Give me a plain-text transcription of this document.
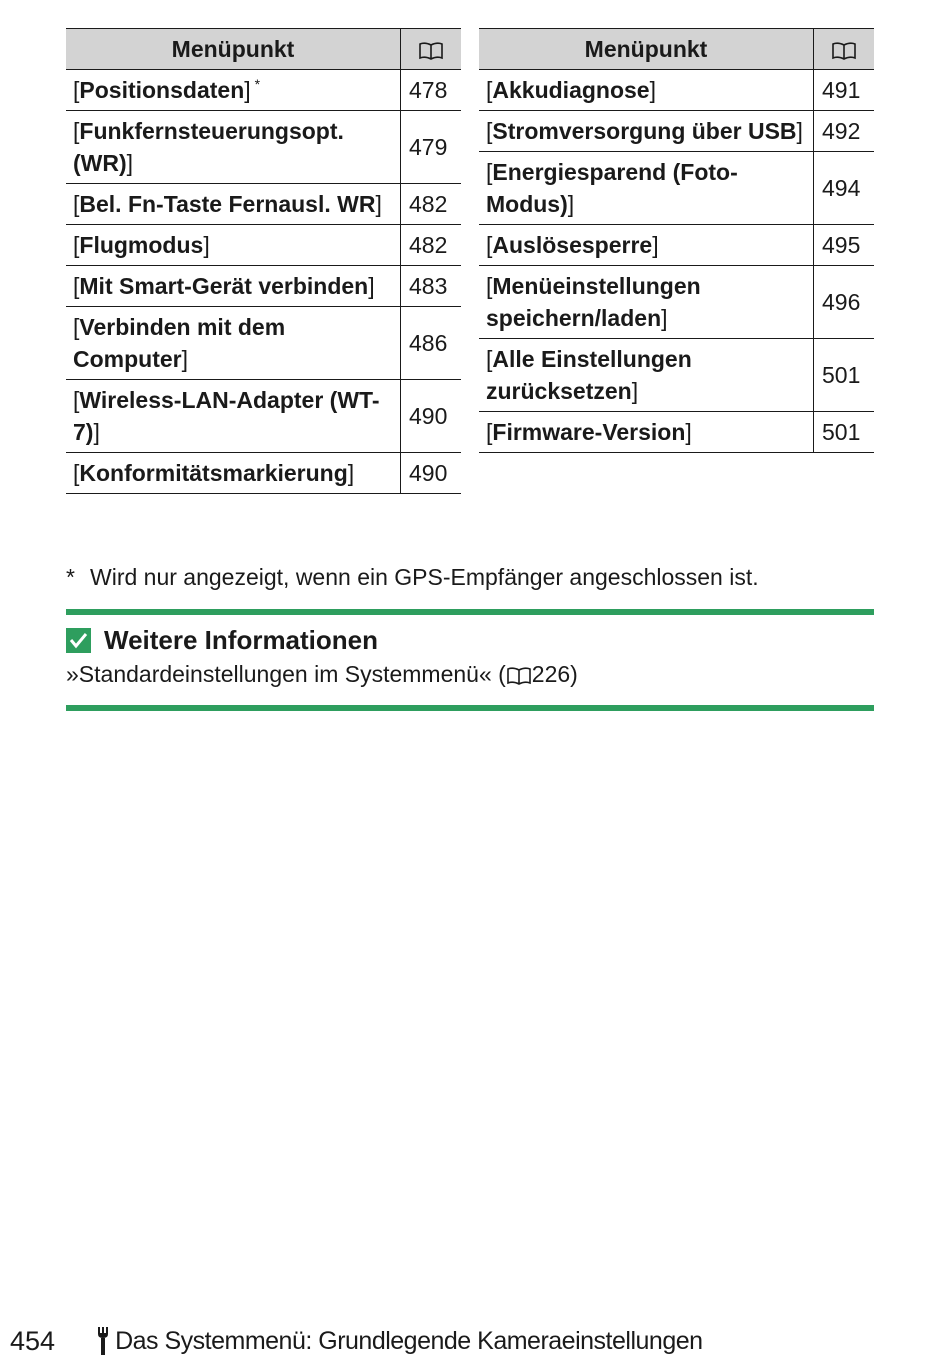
Menüpunkt	
[Positionsdaten] *	478
[Funkfernsteuerungsopt. (WR)]	479
[Bel. Fn-Taste Fernausl. WR]	482
[Flugmodus]	482
[Mit Smart-Gerät verbinden]	483
[Verbinden mit dem Computer]	486
[Wireless-LAN-Adapter (WT-7)]	490
[Konformitätsmarkierung]	490
Menüpunkt	
[Akkudiagnose]	491
[Stromversorgung über USB]	492
[Energiesparend (Foto-Modus)]	494
[Auslösesperre]	495
[Menüeinstellungen speichern/laden]	496
[Alle Einstellungen zurücksetzen]	501
[Firmware-Version]	501
* Wird nur angezeigt, wenn ein GPS-Empfänger angeschlossen ist.
Weitere Informationen
»Standardeinstellungen im Systemmenü« ( 226)
454 Das Systemmenü: Grundlegende Kameraeinstellungen
